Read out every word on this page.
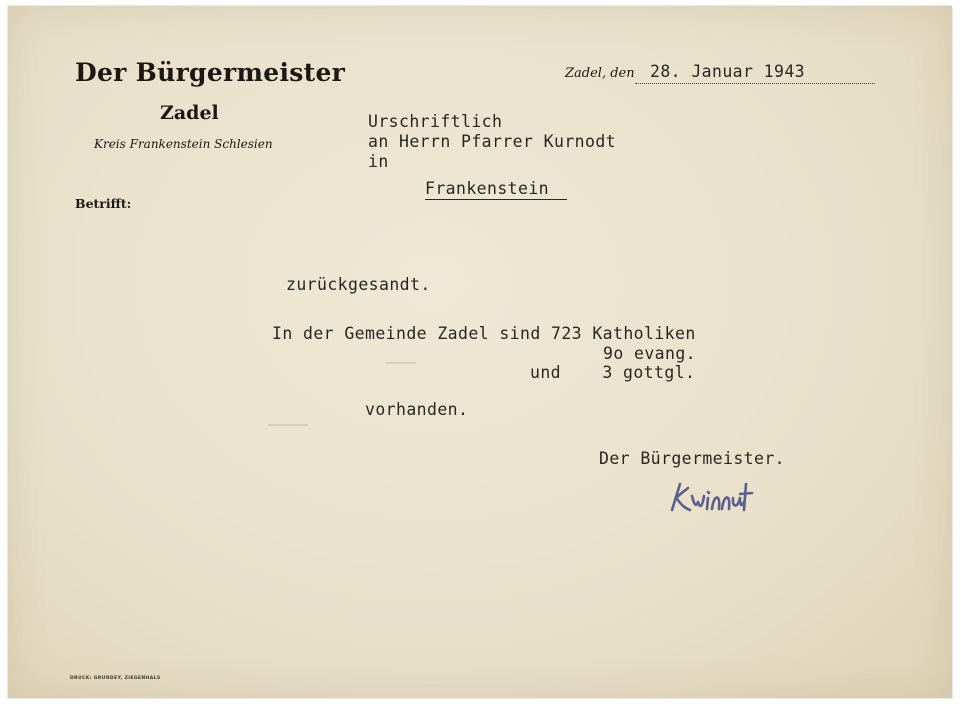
Der Bürgermeister
Zadel
Kreis Frankenstein Schlesien
Betrifft:
Zadel, den 28. Januar 1943
Urschriftlich
an Herrn Pfarrer Kurnodt
in
Frankenstein
zurückgesandt.
In der Gemeinde Zadel sind 723 Katholiken
9o evang.
und    3 gottgl.
vorhanden.
Der Bürgermeister.
DRUCK: GRUNDEY, ZIEGENHALS
